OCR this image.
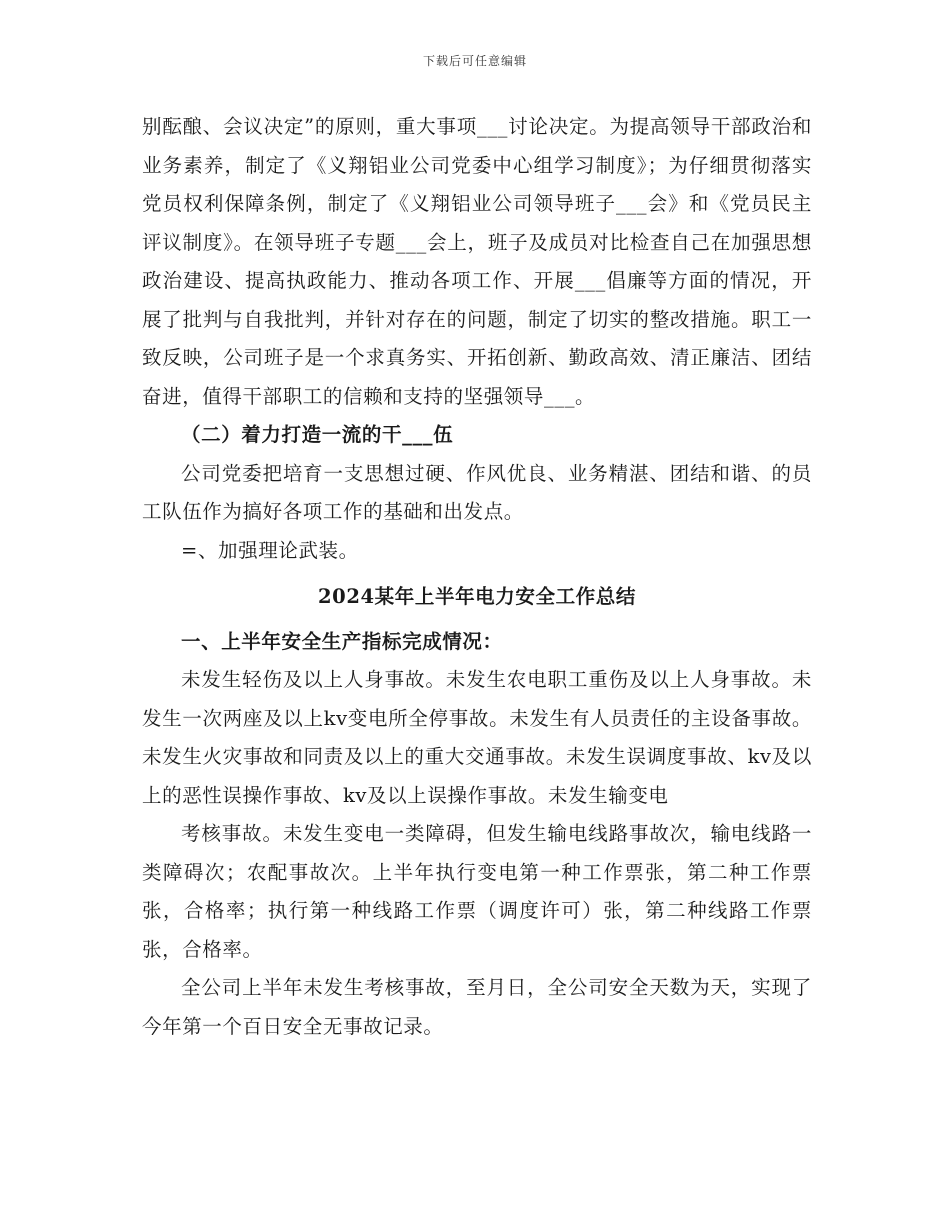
下载后可任意编辑

别酝酿、会议决定”的原则，重大事项___讨论决定。为提高领导干部政治和业务素养，制定了《义翔铝业公司党委中心组学习制度》；为仔细贯彻落实党员权利保障条例，制定了《义翔铝业公司领导班子___会》和《党员民主评议制度》。在领导班子专题___会上，班子及成员对比检查自己在加强思想政治建设、提高执政能力、推动各项工作、开展___倡廉等方面的情况，开展了批判与自我批判，并针对存在的问题，制定了切实的整改措施。职工一致反映，公司班子是一个求真务实、开拓创新、勤政高效、清正廉洁、团结奋进，值得干部职工的信赖和支持的坚强领导___。

（二）着力打造一流的干___伍

公司党委把培育一支思想过硬、作风优良、业务精湛、团结和谐、的员工队伍作为搞好各项工作的基础和出发点。

=、加强理论武装。

2024某年上半年电力安全工作总结

一、上半年安全生产指标完成情况：

未发生轻伤及以上人身事故。未发生农电职工重伤及以上人身事故。未发生一次两座及以上kv变电所全停事故。未发生有人员责任的主设备事故。未发生火灾事故和同责及以上的重大交通事故。未发生误调度事故、kv及以上的恶性误操作事故、kv及以上误操作事故。未发生输变电

考核事故。未发生变电一类障碍，但发生输电线路事故次，输电线路一类障碍次；农配事故次。上半年执行变电第一种工作票张，第二种工作票张，合格率；执行第一种线路工作票（调度许可）张，第二种线路工作票张，合格率。

全公司上半年未发生考核事故，至月日，全公司安全天数为天，实现了今年第一个百日安全无事故记录。
